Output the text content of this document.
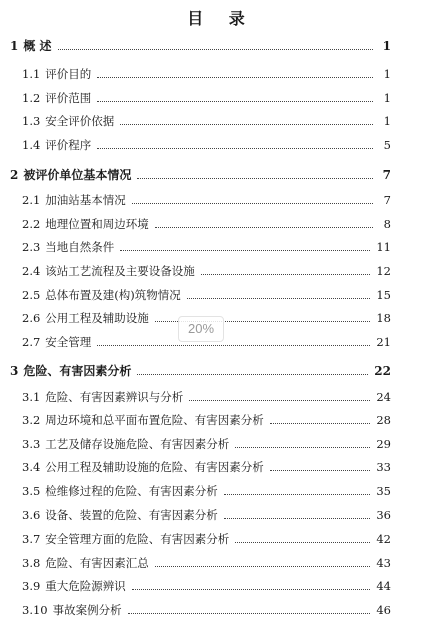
目 录
1 概 述	1
1.1 评价目的	1
1.2 评价范围	1
1.3 安全评价依据	1
1.4 评价程序	5
2 被评价单位基本情况	7
2.1 加油站基本情况	7
2.2 地理位置和周边环境	8
2.3 当地自然条件	11
2.4 该站工艺流程及主要设备设施	12
2.5 总体布置及建(构)筑物情况	15
2.6 公用工程及辅助设施	18
2.7 安全管理	21
3 危险、有害因素分析	22
3.1 危险、有害因素辨识与分析	24
3.2 周边环境和总平面布置危险、有害因素分析	28
3.3 工艺及储存设施危险、有害因素分析	29
3.4 公用工程及辅助设施的危险、有害因素分析	33
3.5 检维修过程的危险、有害因素分析	35
3.6 设备、装置的危险、有害因素分析	36
3.7 安全管理方面的危险、有害因素分析	42
3.8 危险、有害因素汇总	43
3.9 重大危险源辨识	44
3.10 事故案例分析	46
20%
